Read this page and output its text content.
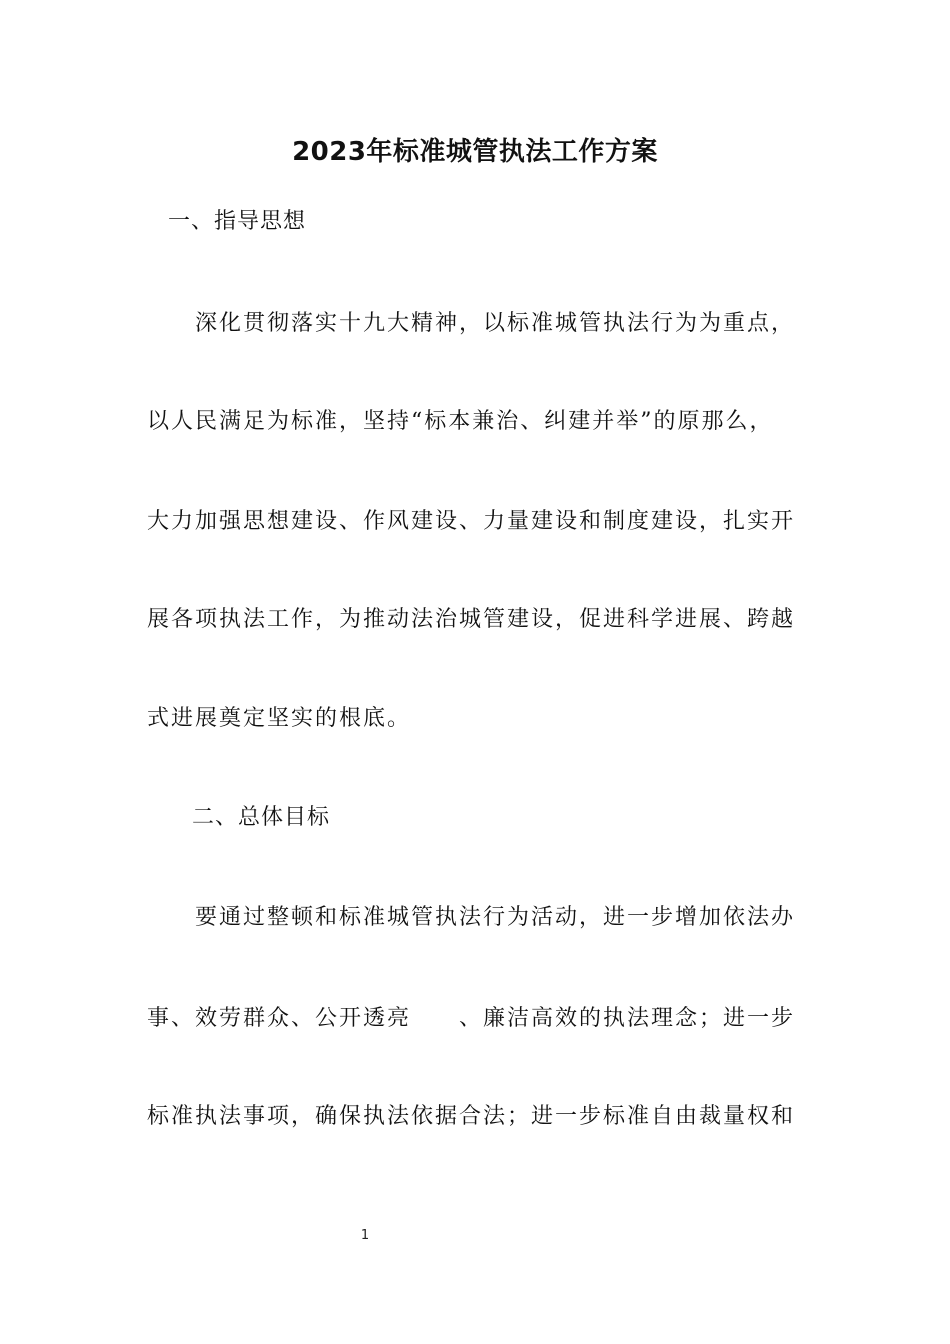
2023年标准城管执法工作方案
一、指导思想
深化贯彻落实十九大精神，以标准城管执法行为为重点，
以人民满足为标准，坚持“标本兼治、纠建并举”的原那么，
大力加强思想建设、作风建设、力量建设和制度建设，扎实开
展各项执法工作，为推动法治城管建设，促进科学进展、跨越
式进展奠定坚实的根底。
二、总体目标
要通过整顿和标准城管执法行为活动，进一步增加依法办
事、效劳群众、公开透亮　　、廉洁高效的执法理念；进一步
标准执法事项，确保执法依据合法；进一步标准自由裁量权和
1
